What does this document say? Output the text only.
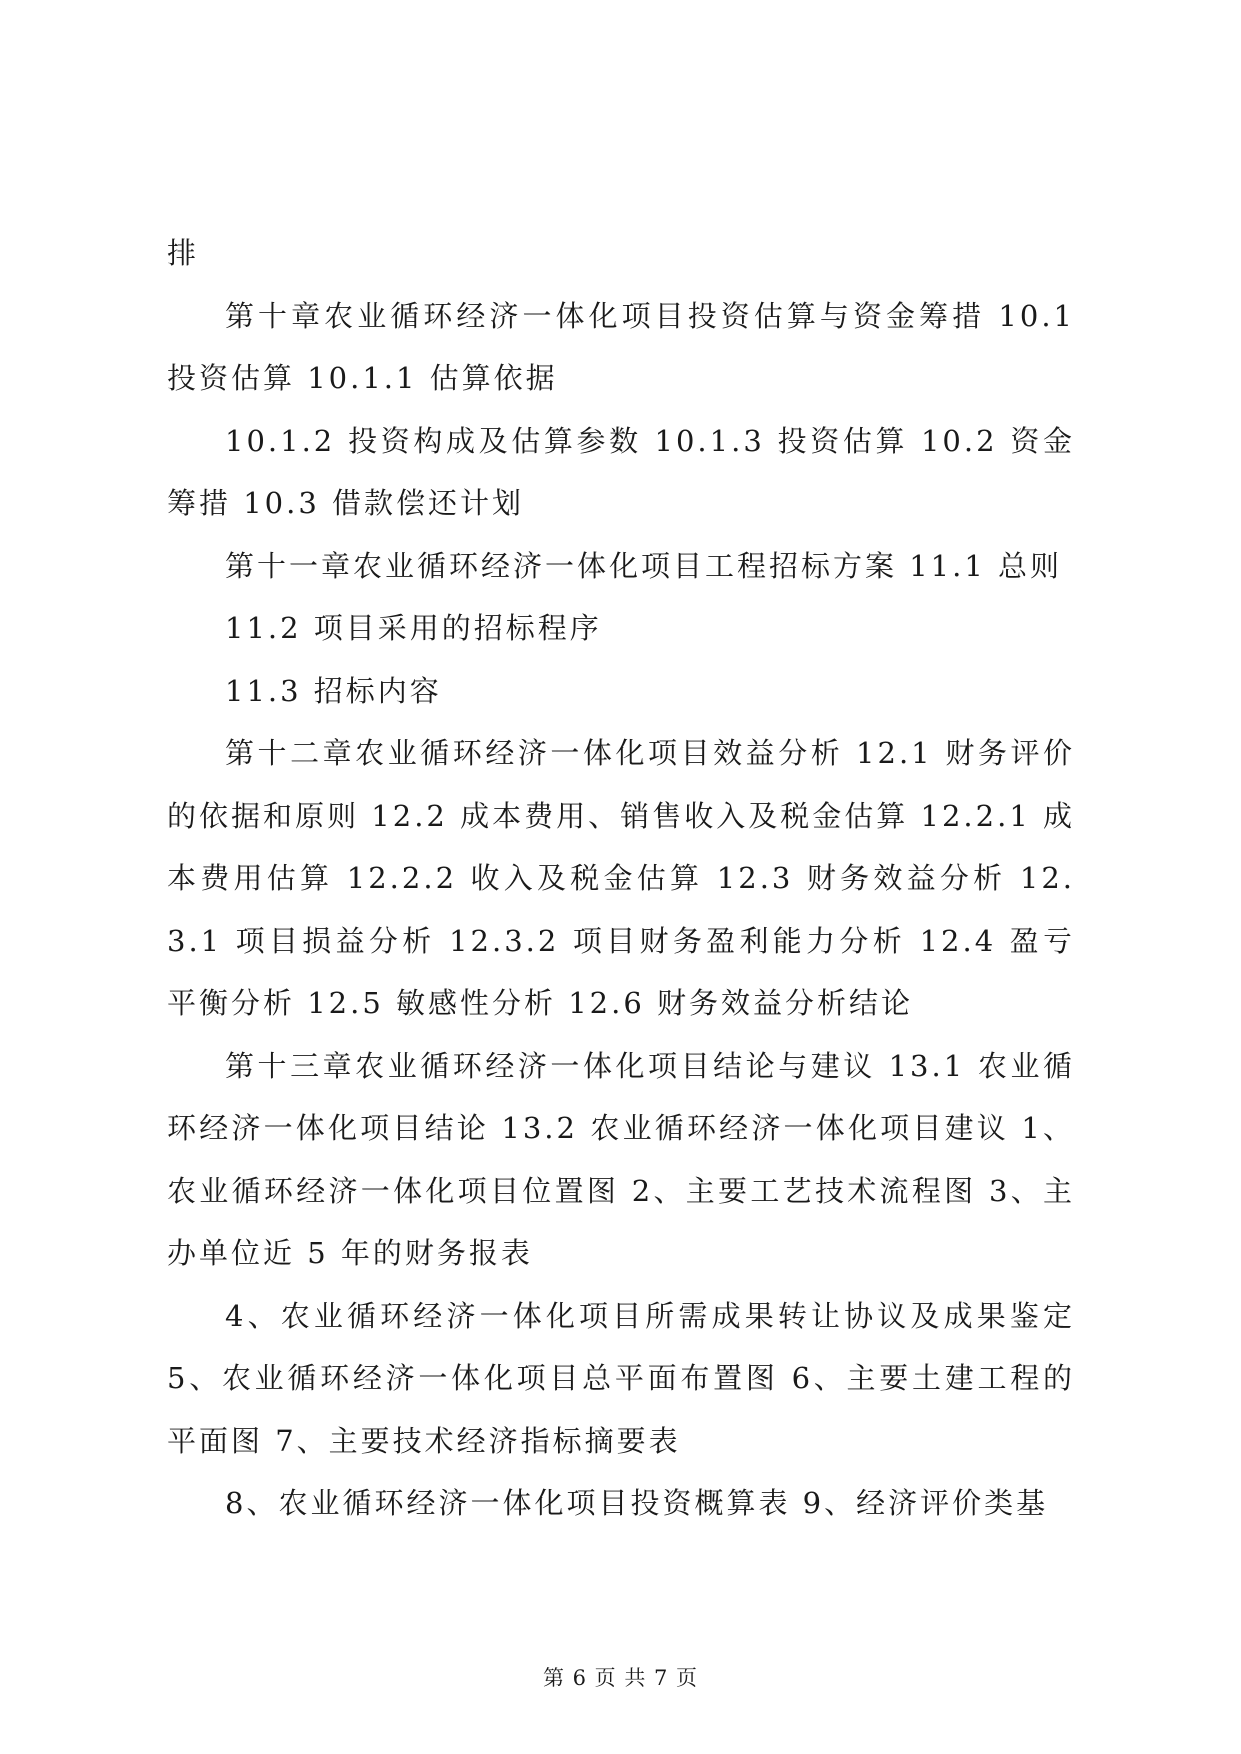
排

第十章农业循环经济一体化项目投资估算与资金筹措 10.1 投资估算 10.1.1 估算依据

10.1.2 投资构成及估算参数 10.1.3 投资估算 10.2 资金筹措 10.3 借款偿还计划

第十一章农业循环经济一体化项目工程招标方案 11.1 总则

11.2 项目采用的招标程序

11.3 招标内容

第十二章农业循环经济一体化项目效益分析 12.1 财务评价的依据和原则 12.2 成本费用、销售收入及税金估算 12.2.1 成本费用估算 12.2.2 收入及税金估算 12.3 财务效益分析 12.3.1 项目损益分析 12.3.2 项目财务盈利能力分析 12.4 盈亏平衡分析 12.5 敏感性分析 12.6 财务效益分析结论

第十三章农业循环经济一体化项目结论与建议 13.1 农业循环经济一体化项目结论 13.2 农业循环经济一体化项目建议 1、农业循环经济一体化项目位置图 2、主要工艺技术流程图 3、主办单位近 5 年的财务报表

4、农业循环经济一体化项目所需成果转让协议及成果鉴定 5、农业循环经济一体化项目总平面布置图 6、主要土建工程的平面图 7、主要技术经济指标摘要表

8、农业循环经济一体化项目投资概算表 9、经济评价类基

第 6 页 共 7 页
